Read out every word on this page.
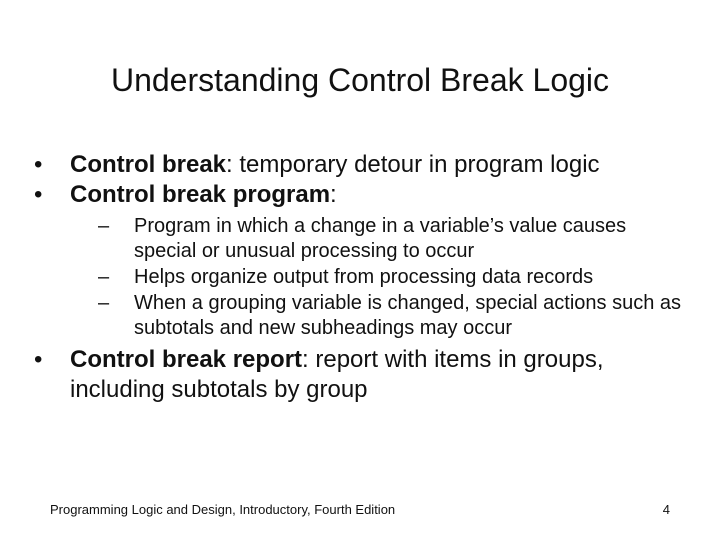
Understanding Control Break Logic
• Control break: temporary detour in program logic
• Control break program:
– Program in which a change in a variable’s value causes special or unusual processing to occur
– Helps organize output from processing data records
– When a grouping variable is changed, special actions such as subtotals and new subheadings may occur
• Control break report: report with items in groups, including subtotals by group
Programming Logic and Design, Introductory, Fourth Edition	4
